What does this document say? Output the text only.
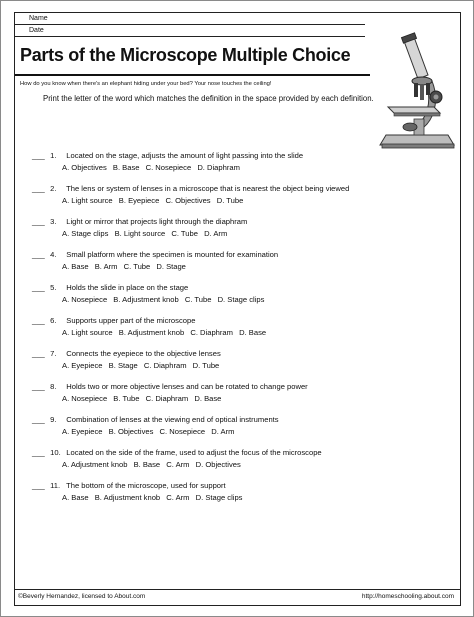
Name
Date
Parts of the Microscope Multiple Choice
How do you know when there's an elephant hiding under your bed? Your nose touches the ceiling!
Print the letter of the word which matches the definition in the space provided by each definition.
___ 1. Located on the stage, adjusts the amount of light passing into the slide
A. Objectives B. Base C. Nosepiece D. Diaphram
___ 2. The lens or system of lenses in a microscope that is nearest the object being viewed
A. Light source B. Eyepiece C. Objectives D. Tube
___ 3. Light or mirror that projects light through the diaphram
A. Stage clips B. Light source C. Tube D. Arm
___ 4. Small platform where the specimen is mounted for examination
A. Base B. Arm C. Tube D. Stage
___ 5. Holds the slide in place on the stage
A. Nosepiece B. Adjustment knob C. Tube D. Stage clips
___ 6. Supports upper part of the microscope
A. Light source B. Adjustment knob C. Diaphram D. Base
___ 7. Connects the eyepiece to the objective lenses
A. Eyepiece B. Stage C. Diaphram D. Tube
___ 8. Holds two or more objective lenses and can be rotated to change power
A. Nosepiece B. Tube C. Diaphram D. Base
___ 9. Combination of lenses at the viewing end of optical instruments
A. Eyepiece B. Objectives C. Nosepiece D. Arm
___ 10. Located on the side of the frame, used to adjust the focus of the microscope
A. Adjustment knob B. Base C. Arm D. Objectives
___ 11. The bottom of the microscope, used for support
A. Base B. Adjustment knob C. Arm D. Stage clips
©Beverly Hernandez, licensed to About.com	http://homeschooling.about.com
